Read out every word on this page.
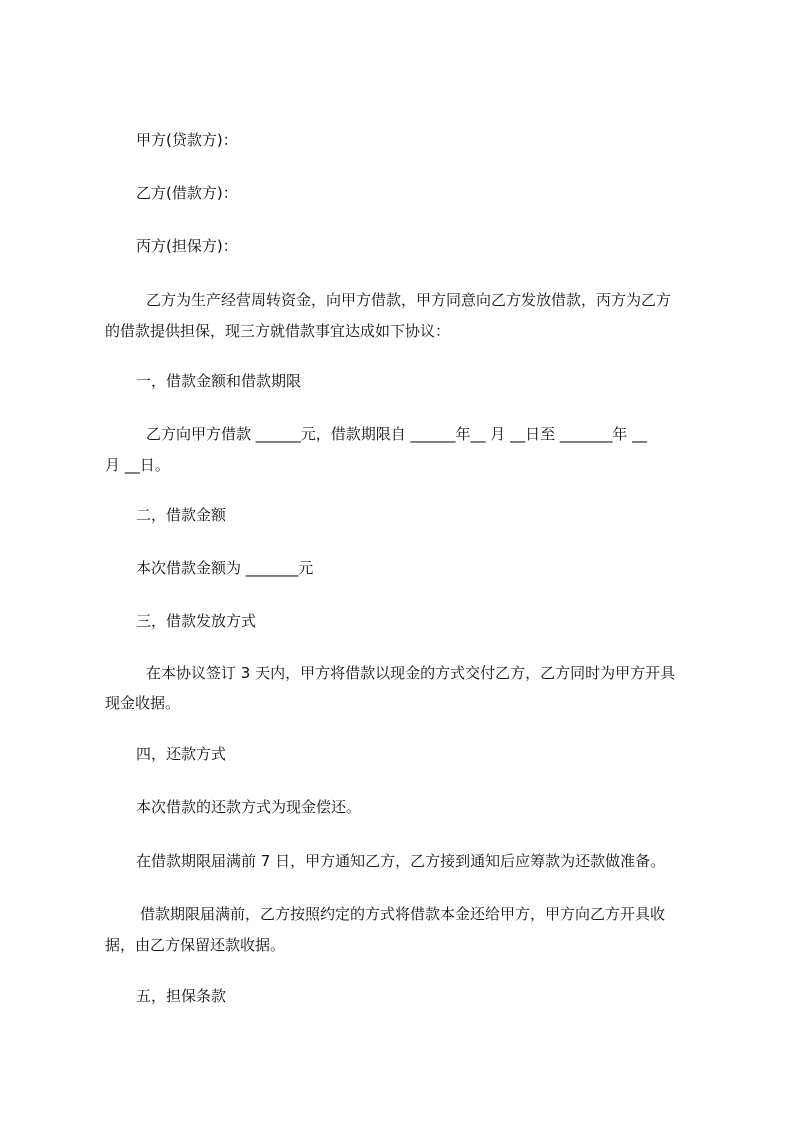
甲方(贷款方)：
乙方(借款方)：
丙方(担保方)：
乙方为生产经营周转资金，向甲方借款，甲方同意向乙方发放借款，丙方为乙方
的借款提供担保，现三方就借款事宜达成如下协议：
一，借款金额和借款期限
乙方向甲方借款 ______元，借款期限自 ______年__ 月 __日至 _______年 __
月 __日。
二，借款金额
本次借款金额为 _______元
三，借款发放方式
在本协议签订 3 天内，甲方将借款以现金的方式交付乙方，乙方同时为甲方开具
现金收据。
四，还款方式
本次借款的还款方式为现金偿还。
在借款期限届满前 7 日，甲方通知乙方，乙方接到通知后应筹款为还款做准备。
借款期限届满前，乙方按照约定的方式将借款本金还给甲方，甲方向乙方开具收
据，由乙方保留还款收据。
五，担保条款
